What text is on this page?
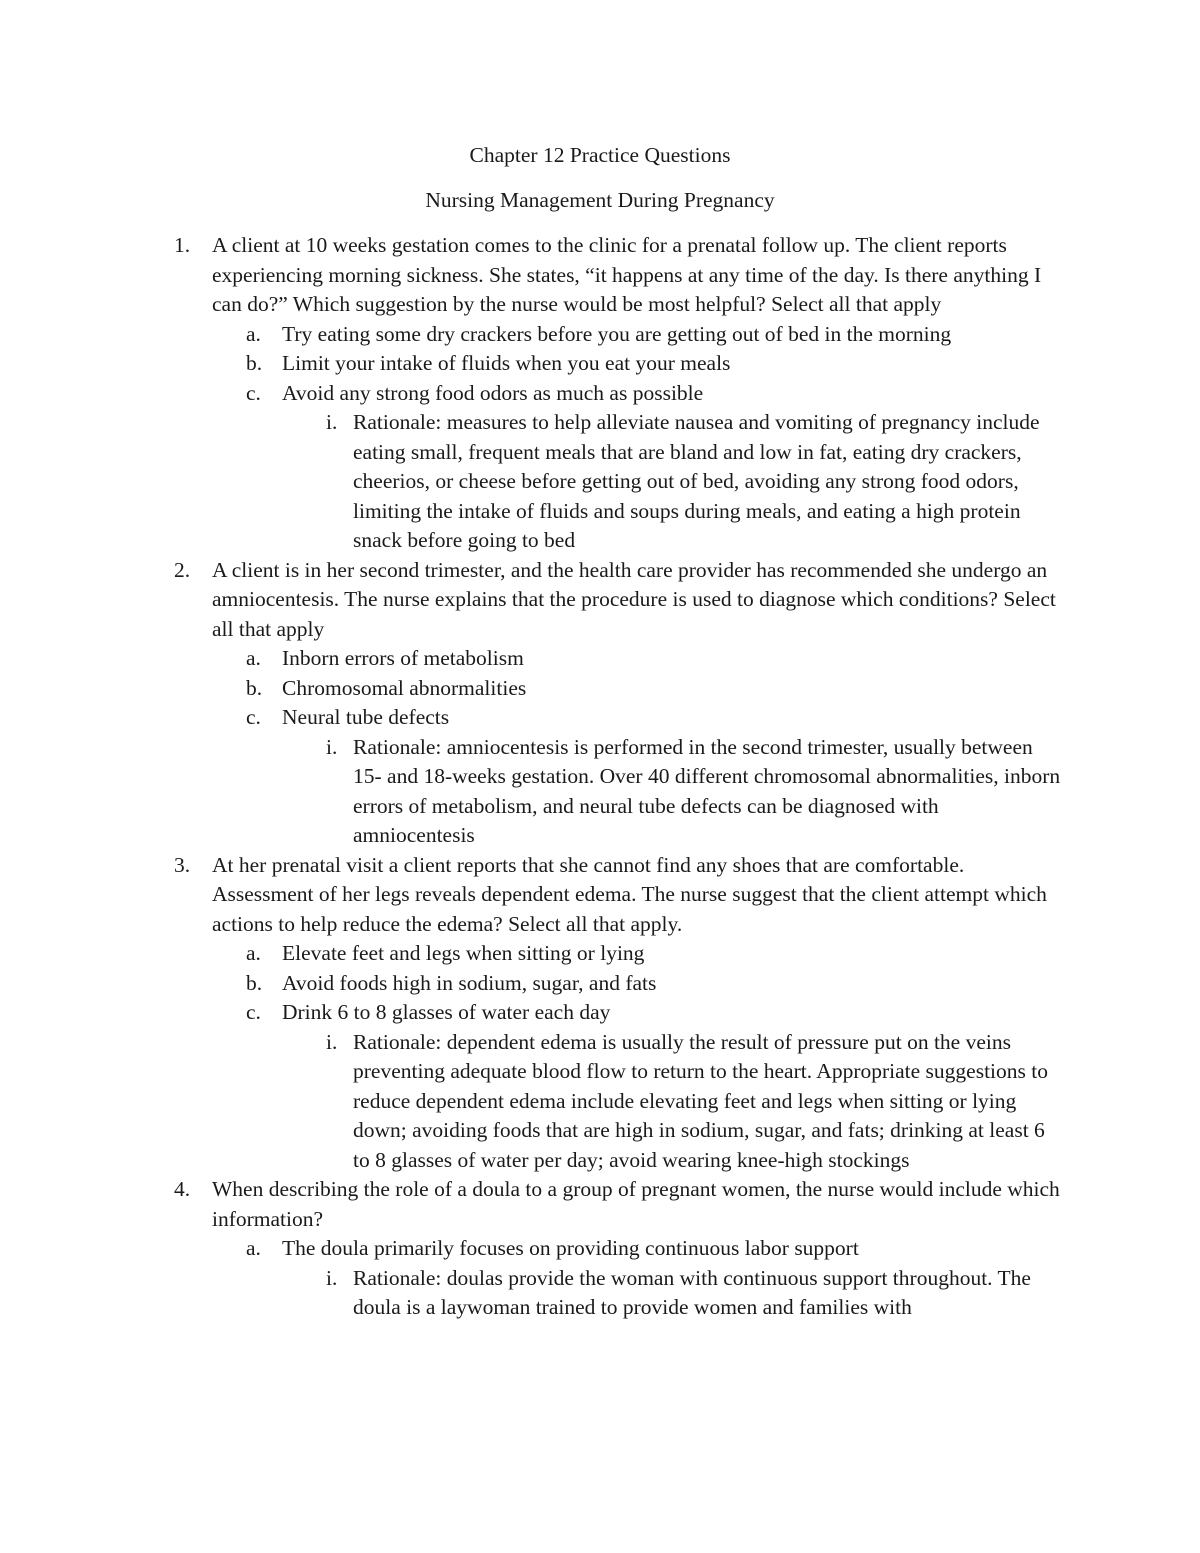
Chapter 12 Practice Questions
Nursing Management During Pregnancy
1. A client at 10 weeks gestation comes to the clinic for a prenatal follow up. The client reports experiencing morning sickness. She states, “it happens at any time of the day. Is there anything I can do?” Which suggestion by the nurse would be most helpful? Select all that apply
a. Try eating some dry crackers before you are getting out of bed in the morning
b. Limit your intake of fluids when you eat your meals
c. Avoid any strong food odors as much as possible
i. Rationale: measures to help alleviate nausea and vomiting of pregnancy include eating small, frequent meals that are bland and low in fat, eating dry crackers, cheerios, or cheese before getting out of bed, avoiding any strong food odors, limiting the intake of fluids and soups during meals, and eating a high protein snack before going to bed
2. A client is in her second trimester, and the health care provider has recommended she undergo an amniocentesis. The nurse explains that the procedure is used to diagnose which conditions? Select all that apply
a. Inborn errors of metabolism
b. Chromosomal abnormalities
c. Neural tube defects
i. Rationale: amniocentesis is performed in the second trimester, usually between 15- and 18-weeks gestation. Over 40 different chromosomal abnormalities, inborn errors of metabolism, and neural tube defects can be diagnosed with amniocentesis
3. At her prenatal visit a client reports that she cannot find any shoes that are comfortable. Assessment of her legs reveals dependent edema. The nurse suggest that the client attempt which actions to help reduce the edema? Select all that apply.
a. Elevate feet and legs when sitting or lying
b. Avoid foods high in sodium, sugar, and fats
c. Drink 6 to 8 glasses of water each day
i. Rationale: dependent edema is usually the result of pressure put on the veins preventing adequate blood flow to return to the heart. Appropriate suggestions to reduce dependent edema include elevating feet and legs when sitting or lying down; avoiding foods that are high in sodium, sugar, and fats; drinking at least 6 to 8 glasses of water per day; avoid wearing knee-high stockings
4. When describing the role of a doula to a group of pregnant women, the nurse would include which information?
a. The doula primarily focuses on providing continuous labor support
i. Rationale: doulas provide the woman with continuous support throughout. The doula is a laywoman trained to provide women and families with
